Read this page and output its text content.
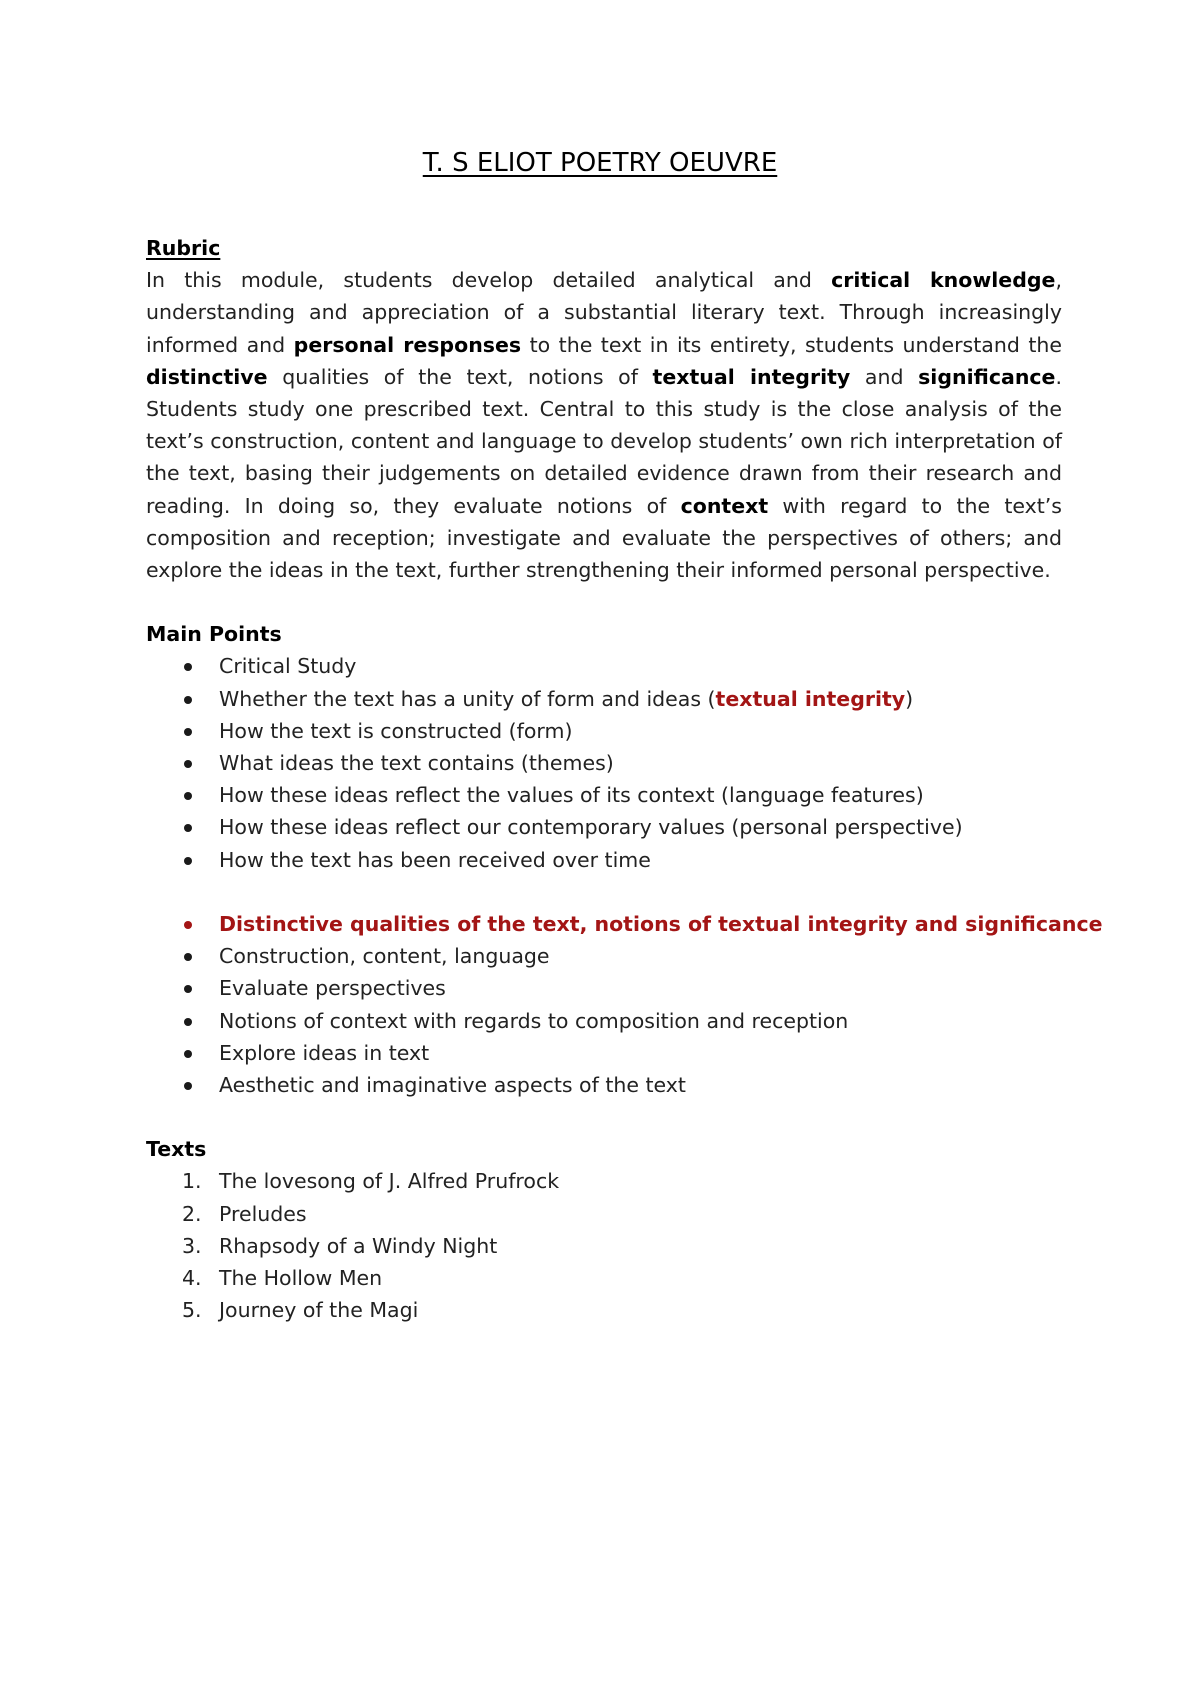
T. S ELIOT POETRY OEUVRE
Rubric

In this module, students develop detailed analytical and critical knowledge, understanding and appreciation of a substantial literary text. Through increasingly informed and personal responses to the text in its entirety, students understand the distinctive qualities of the text, notions of textual integrity and significance. Students study one prescribed text. Central to this study is the close analysis of the text’s construction, content and language to develop students’ own rich interpretation of the text, basing their judgements on detailed evidence drawn from their research and reading. In doing so, they evaluate notions of context with regard to the text’s composition and reception; investigate and evaluate the perspectives of others; and explore the ideas in the text, further strengthening their informed personal perspective.

Main Points
Critical Study
Whether the text has a unity of form and ideas (textual integrity)
How the text is constructed (form)
What ideas the text contains (themes)
How these ideas reflect the values of its context (language features)
How these ideas reflect our contemporary values (personal perspective)
How the text has been received over time
Distinctive qualities of the text, notions of textual integrity and significance
Construction, content, language
Evaluate perspectives
Notions of context with regards to composition and reception
Explore ideas in text
Aesthetic and imaginative aspects of the text
Texts
1. The lovesong of J. Alfred Prufrock
2. Preludes
3. Rhapsody of a Windy Night
4. The Hollow Men
5. Journey of the Magi
